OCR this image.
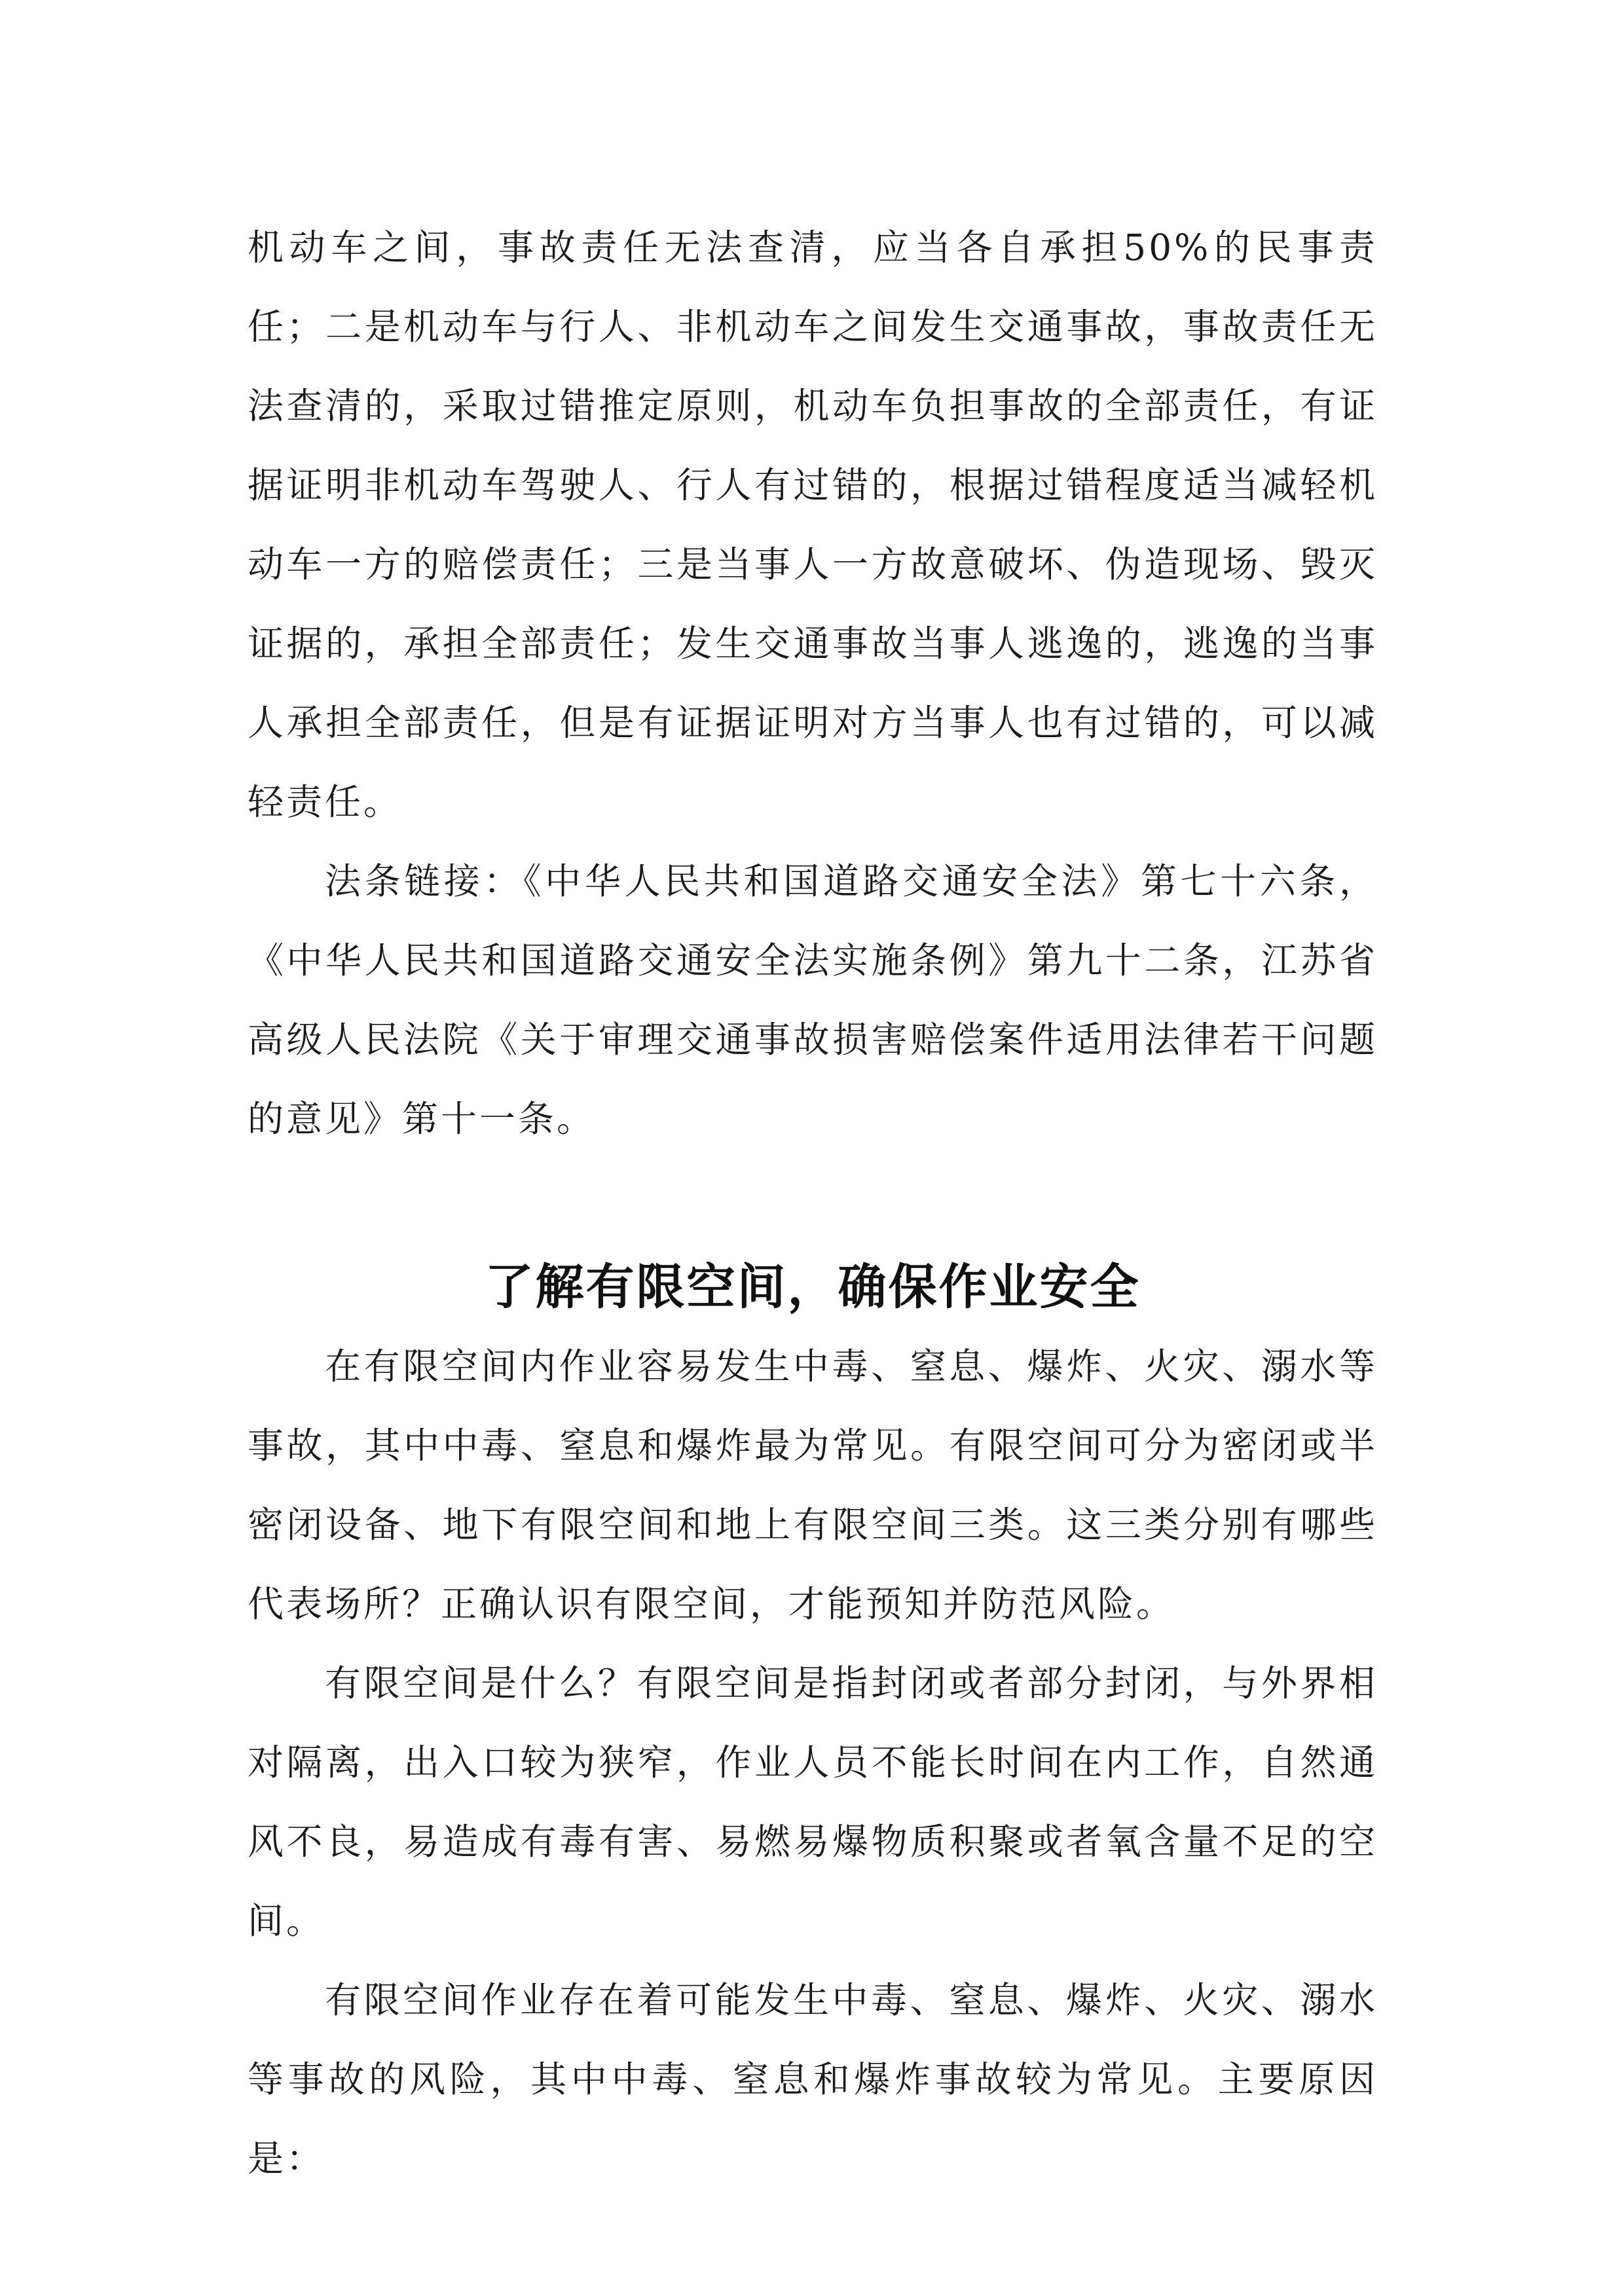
机动车之间，事故责任无法查清，应当各自承担50%的民事责任；二是机动车与行人、非机动车之间发生交通事故，事故责任无法查清的，采取过错推定原则，机动车负担事故的全部责任，有证据证明非机动车驾驶人、行人有过错的，根据过错程度适当减轻机动车一方的赔偿责任；三是当事人一方故意破坏、伪造现场、毁灭证据的，承担全部责任；发生交通事故当事人逃逸的，逃逸的当事人承担全部责任，但是有证据证明对方当事人也有过错的，可以减轻责任。

法条链接：《中华人民共和国道路交通安全法》第七十六条，《中华人民共和国道路交通安全法实施条例》第九十二条，江苏省高级人民法院《关于审理交通事故损害赔偿案件适用法律若干问题的意见》第十一条。

了解有限空间，确保作业安全

在有限空间内作业容易发生中毒、窒息、爆炸、火灾、溺水等事故，其中中毒、窒息和爆炸最为常见。有限空间可分为密闭或半密闭设备、地下有限空间和地上有限空间三类。这三类分别有哪些代表场所？正确认识有限空间，才能预知并防范风险。

有限空间是什么？有限空间是指封闭或者部分封闭，与外界相对隔离，出入口较为狭窄，作业人员不能长时间在内工作，自然通风不良，易造成有毒有害、易燃易爆物质积聚或者氧含量不足的空间。

有限空间作业存在着可能发生中毒、窒息、爆炸、火灾、溺水等事故的风险，其中中毒、窒息和爆炸事故较为常见。主要原因是：
